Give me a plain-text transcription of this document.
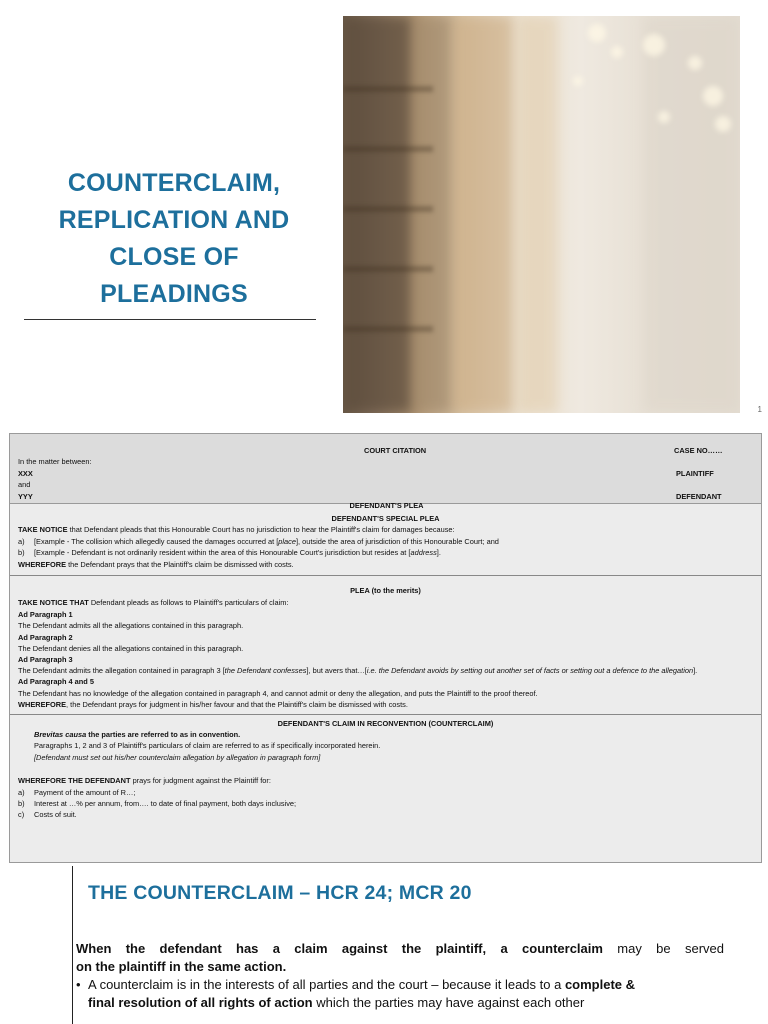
COUNTERCLAIM,
REPLICATION AND
CLOSE OF
PLEADINGS
1
COURT CITATION	CASE NO……
In the matter between:
XXX	PLAINTIFF
and
YYY	DEFENDANT
DEFENDANT'S PLEA
DEFENDANT'S SPECIAL PLEA
TAKE NOTICE that Defendant pleads that this Honourable Court has no jurisdiction to hear the Plaintiff's claim for damages because:
a)	[Example - The collision which allegedly caused the damages occurred at [place], outside the area of jurisdiction of this Honourable Court; and
b)	[Example - Defendant is not ordinarily resident within the area of this Honourable Court's jurisdiction but resides at [address].
WHEREFORE the Defendant prays that the Plaintiff's claim be dismissed with costs.
PLEA (to the merits)
TAKE NOTICE THAT Defendant pleads as follows to Plaintiff's particulars of claim:
Ad Paragraph 1
The Defendant admits all the allegations contained in this paragraph.
Ad Paragraph 2
The Defendant denies all the allegations contained in this paragraph.
Ad Paragraph 3
The Defendant admits the allegation contained in paragraph 3 [the Defendant confesses], but avers that…[i.e. the Defendant avoids by setting out another set of facts or setting out a defence to the allegation].
Ad Paragraph 4 and 5
The Defendant has no knowledge of the allegation contained in paragraph 4, and cannot admit or deny the allegation, and puts the Plaintiff to the proof thereof.
WHEREFORE, the Defendant prays for judgment in his/her favour and that the Plaintiff's claim be dismissed with costs.
DEFENDANT'S CLAIM IN RECONVENTION (COUNTERCLAIM)
Brevitas causa the parties are referred to as in convention.
Paragraphs 1, 2 and 3 of Plaintiff's particulars of claim are referred to as if specifically incorporated herein.
[Defendant must set out his/her counterclaim allegation by allegation in paragraph form]
WHEREFORE THE DEFENDANT prays for judgment against the Plaintiff for:
a)	Payment of the amount of R…;
b)	Interest at …% per annum, from…. to date of final payment, both days inclusive;
c)	Costs of suit.
THE COUNTERCLAIM – HCR 24; MCR 20
When the defendant has a claim against the plaintiff, a counterclaim may be served
on the plaintiff in the same action.
• A counterclaim is in the interests of all parties and the court – because it leads to a complete &
final resolution of all rights of action which the parties may have against each other
